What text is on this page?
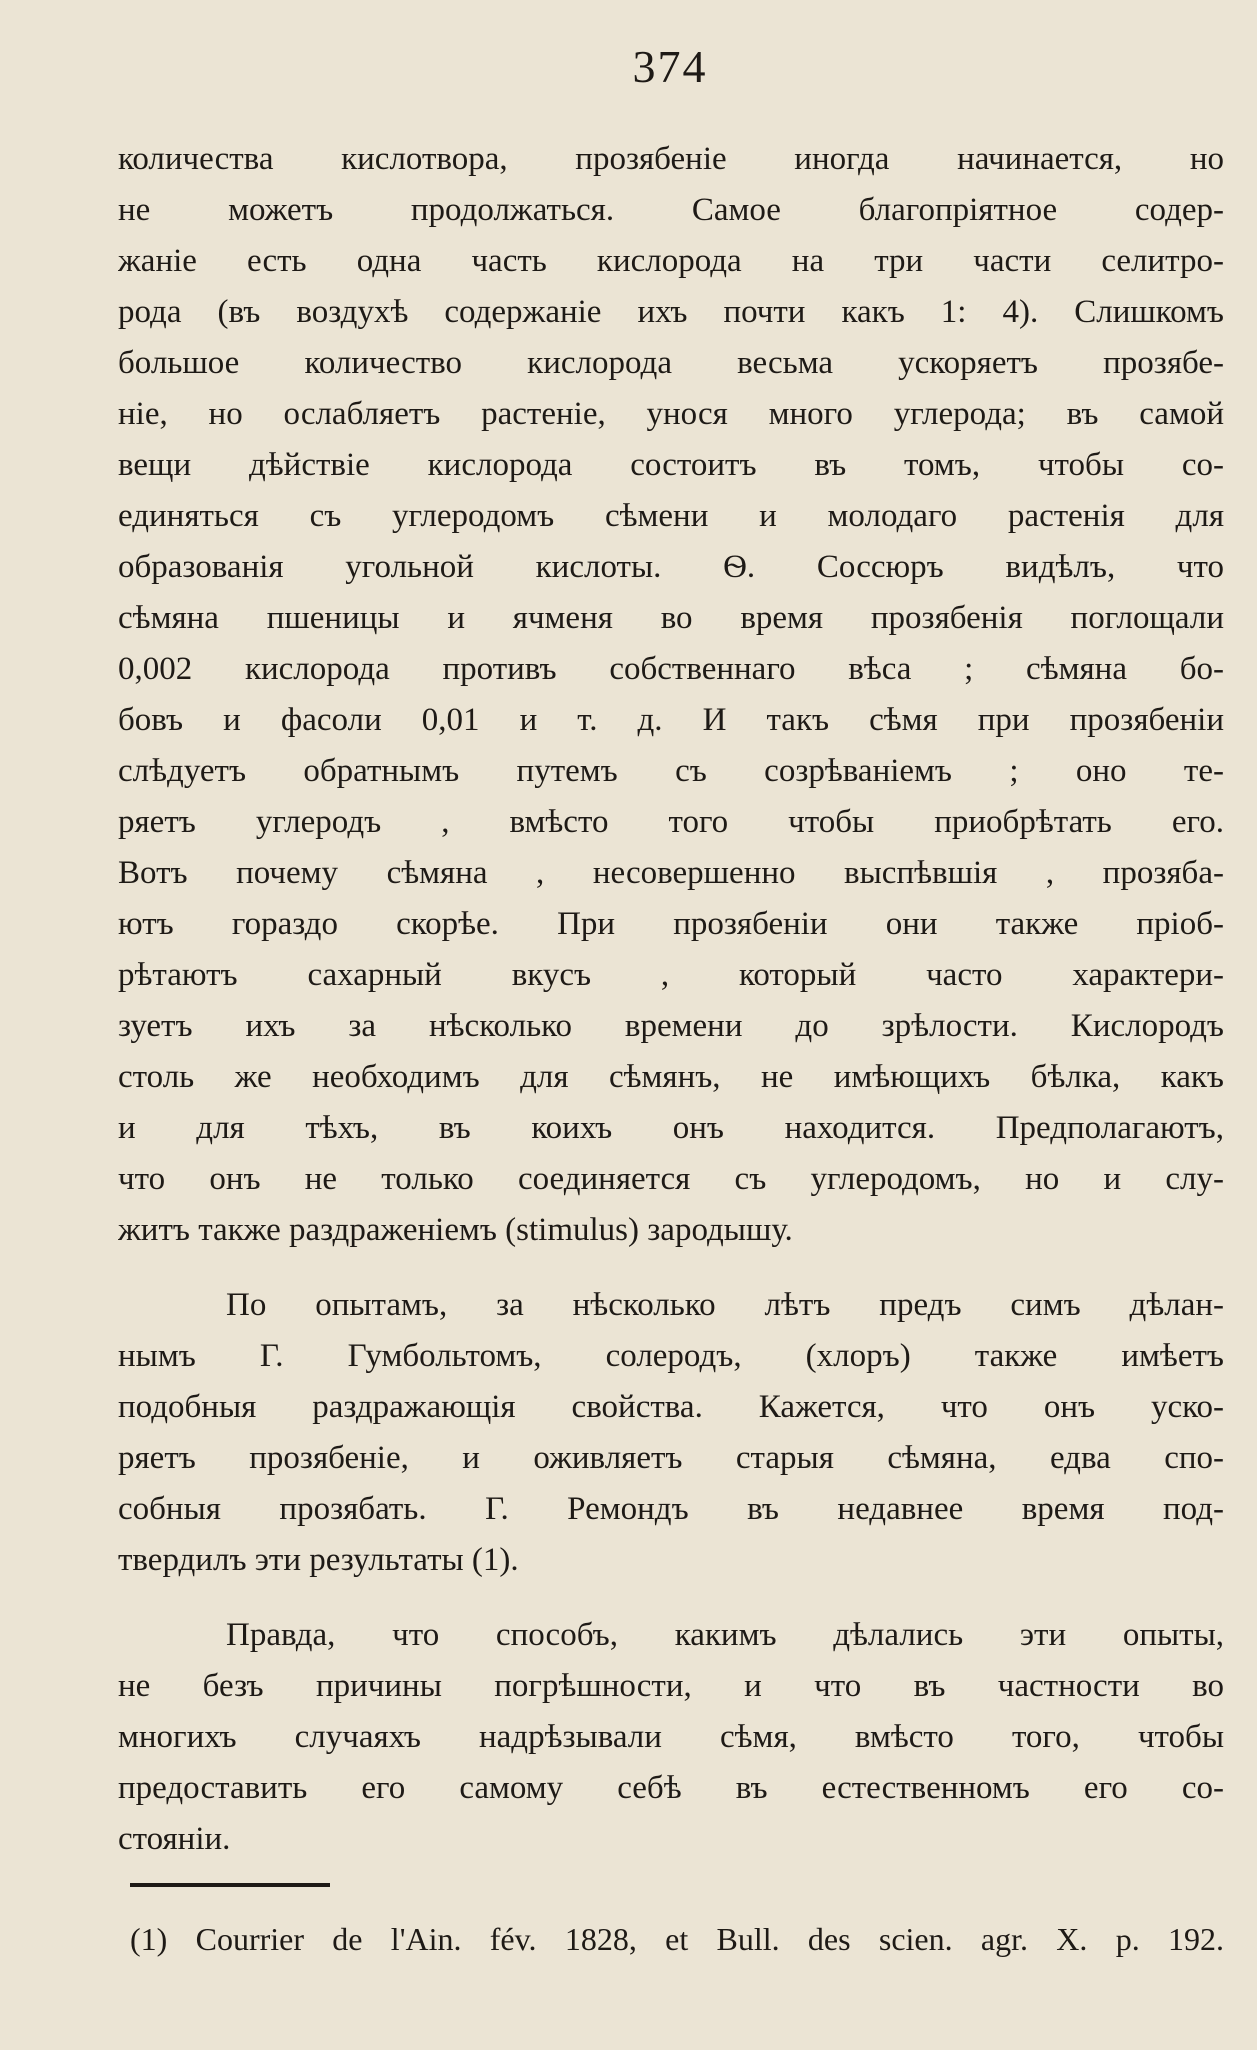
374
количества кислотвора, прозябеніе иногда начинается, но
не можетъ продолжаться. Самое благопріятное содер-
жаніе есть одна часть кислорода на три части селитро-
рода (въ воздухѣ содержаніе ихъ почти какъ 1: 4). Слишкомъ
большое количество кислорода весьма ускоряетъ прозябе-
ніе, но ослабляетъ растеніе, унося много углерода; въ самой
вещи дѣйствіе кислорода состоитъ въ томъ, чтобы со-
единяться съ углеродомъ сѣмени и молодаго растенія для
образованія угольной кислоты. Ѳ. Соссюръ видѣлъ, что
сѣмяна пшеницы и ячменя во время прозябенія поглощали
0,002 кислорода противъ собственнаго вѣса ; сѣмяна бо-
бовъ и фасоли 0,01 и т. д. И такъ сѣмя при прозябеніи
слѣдуетъ обратнымъ путемъ съ созрѣваніемъ ; оно те-
ряетъ углеродъ , вмѣсто того чтобы приобрѣтать его.
Вотъ почему сѣмяна , несовершенно выспѣвшія , прозяба-
ютъ гораздо скорѣе. При прозябеніи они также пріоб-
рѣтаютъ сахарный вкусъ , который часто характери-
зуетъ ихъ за нѣсколько времени до зрѣлости. Кислородъ
столь же необходимъ для сѣмянъ, не имѣющихъ бѣлка, какъ
и для тѣхъ, въ коихъ онъ находится. Предполагаютъ,
что онъ не только соединяется съ углеродомъ, но и слу-
житъ также раздраженіемъ (stimulus) зародышу.
По опытамъ, за нѣсколько лѣтъ предъ симъ дѣлан-
нымъ Г. Гумбольтомъ, солеродъ, (хлоръ) также имѣетъ
подобныя раздражающія свойства. Кажется, что онъ уско-
ряетъ прозябеніе, и оживляетъ старыя сѣмяна, едва спо-
собныя прозябать. Г. Ремондъ въ недавнее время под-
твердилъ эти результаты (1).
Правда, что способъ, какимъ дѣлались эти опыты,
не безъ причины погрѣшности, и что въ частности во
многихъ случаяхъ надрѣзывали сѣмя, вмѣсто того, чтобы
предоставить его самому себѣ въ естественномъ его со-
стояніи.
(1) Courrier de l'Ain. fév. 1828, et Bull. des scien. agr. X. p. 192.
